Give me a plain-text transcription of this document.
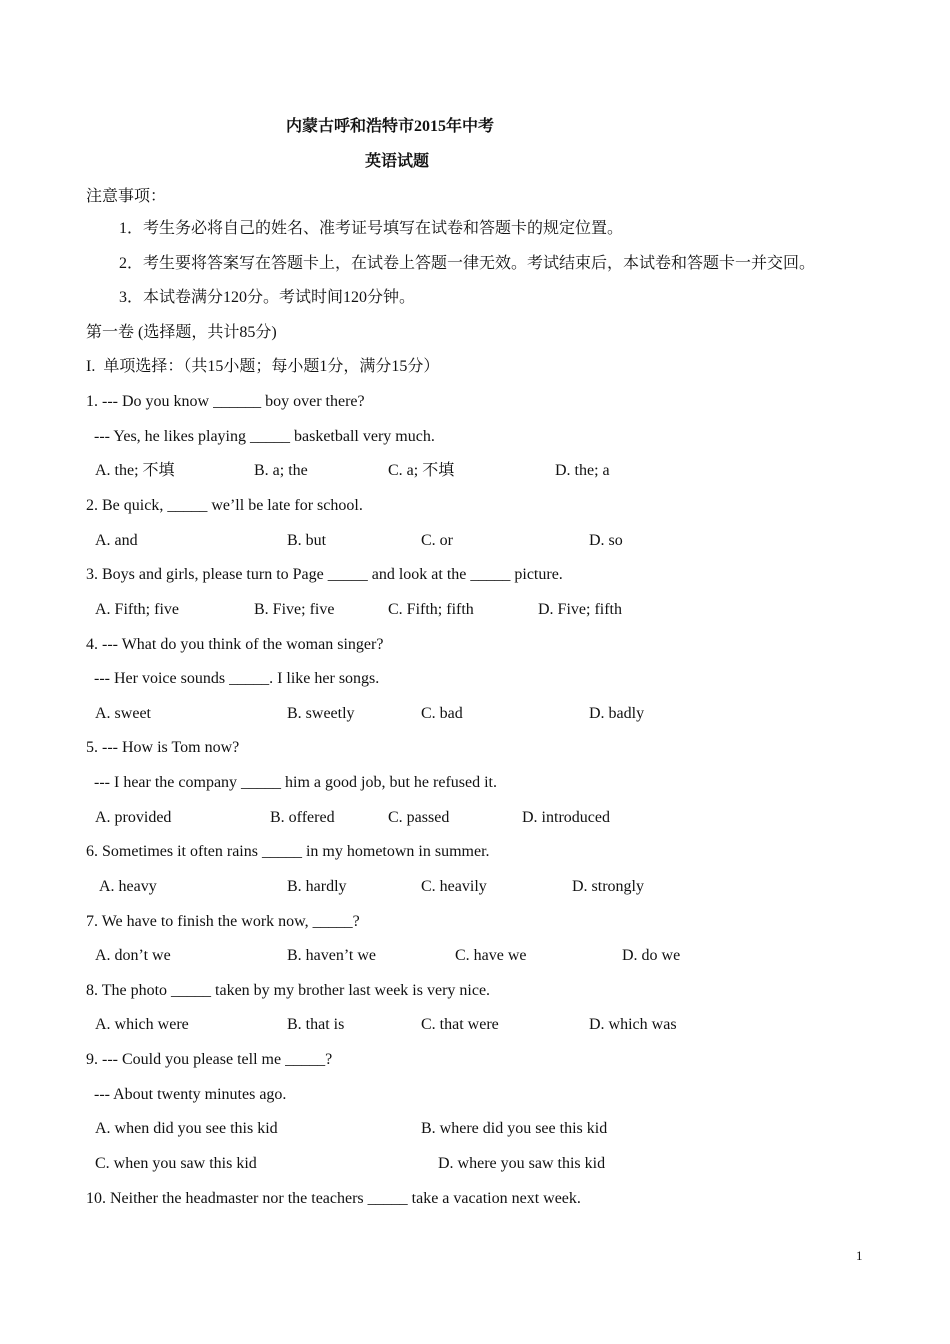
内蒙古呼和浩特市2015年中考
英语试题
注意事项：
1．考生务必将自己的姓名、准考证号填写在试卷和答题卡的规定位置。
2．考生要将答案写在答题卡上，在试卷上答题一律无效。考试结束后，本试卷和答题卡一并交回。
3．本试卷满分120分。考试时间120分钟。
第一卷 (选择题，共计85分)
I.  单项选择：（共15小题；每小题1分，满分15分）
1. --- Do you know ______ boy over there?
--- Yes, he likes playing _____ basketball very much.
A. the; 不填	B. a; the	C. a; 不填	D. the; a
2. Be quick, _____ we’ll be late for school.
A. and	B. but	C. or	D. so
3. Boys and girls, please turn to Page _____ and look at the _____ picture.
A. Fifth; five	B. Five; five	C. Fifth; fifth	D. Five; fifth
4. --- What do you think of the woman singer?
--- Her voice sounds _____. I like her songs.
A. sweet	B. sweetly	C. bad	D. badly
5. --- How is Tom now?
--- I hear the company _____ him a good job, but he refused it.
A. provided	B. offered	C. passed	D. introduced
6. Sometimes it often rains _____ in my hometown in summer.
A. heavy	B. hardly	C. heavily	D. strongly
7. We have to finish the work now, _____?
A. don’t we	B. haven’t we	C. have we	D. do we
8. The photo _____ taken by my brother last week is very nice.
A. which were	B. that is	C. that were	D. which was
9. --- Could you please tell me _____?
--- About twenty minutes ago.
A. when did you see this kid	B. where did you see this kid
C. when you saw this kid	D. where you saw this kid
10. Neither the headmaster nor the teachers _____ take a vacation next week.
1
